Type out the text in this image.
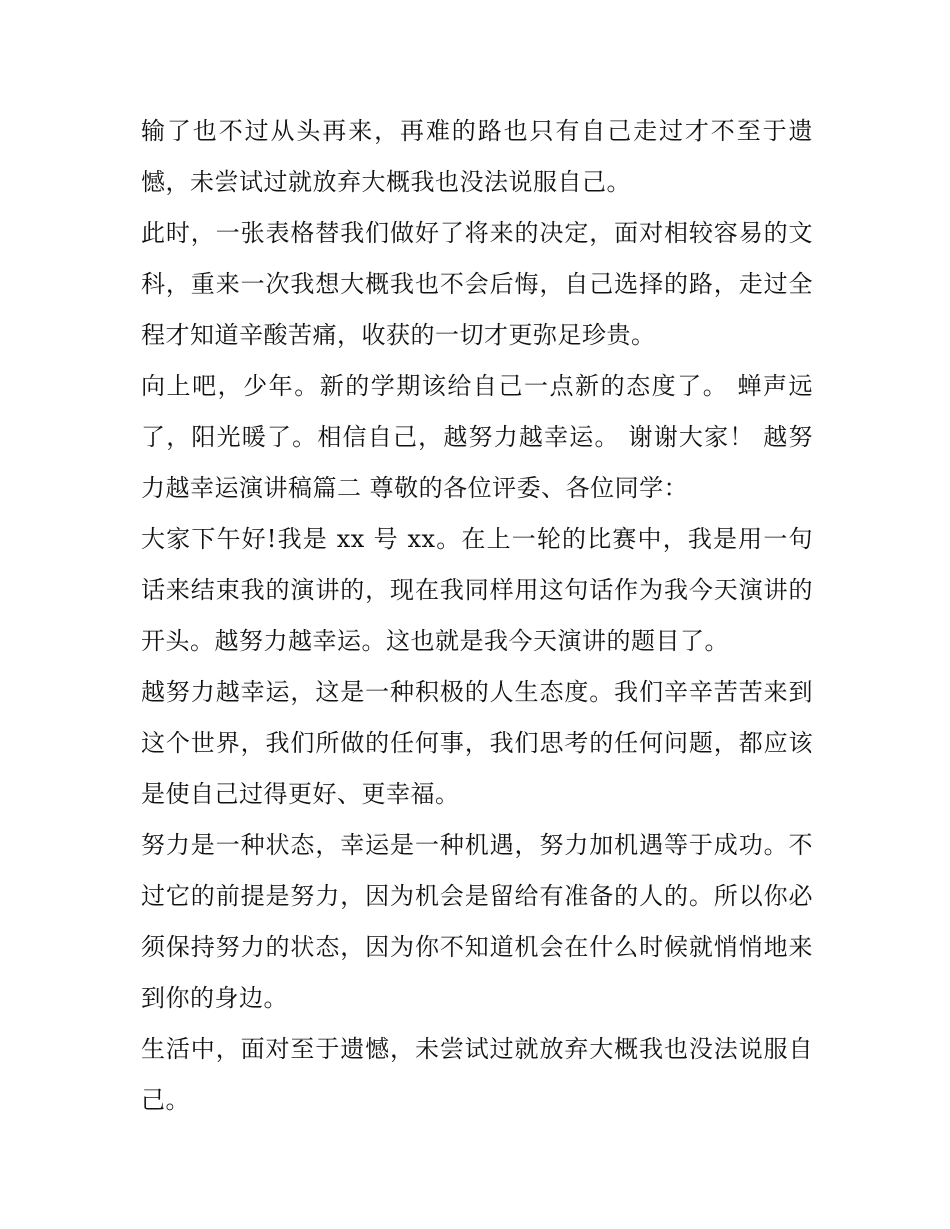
输了也不过从头再来，再难的路也只有自己走过才不至于遗憾，未尝试过就放弃大概我也没法说服自己。

此时，一张表格替我们做好了将来的决定，面对相较容易的文科，重来一次我想大概我也不会后悔，自己选择的路，走过全程才知道辛酸苦痛，收获的一切才更弥足珍贵。

向上吧，少年。新的学期该给自己一点新的态度了。 蝉声远了，阳光暖了。相信自己，越努力越幸运。 谢谢大家！ 越努力越幸运演讲稿篇二 尊敬的各位评委、各位同学：

大家下午好!我是 xx 号 xx。在上一轮的比赛中，我是用一句话来结束我的演讲的，现在我同样用这句话作为我今天演讲的开头。越努力越幸运。这也就是我今天演讲的题目了。

越努力越幸运，这是一种积极的人生态度。我们辛辛苦苦来到这个世界，我们所做的任何事，我们思考的任何问题，都应该是使自己过得更好、更幸福。

努力是一种状态，幸运是一种机遇，努力加机遇等于成功。不过它的前提是努力，因为机会是留给有准备的人的。所以你必须保持努力的状态，因为你不知道机会在什么时候就悄悄地来到你的身边。

生活中，面对至于遗憾，未尝试过就放弃大概我也没法说服自己。
